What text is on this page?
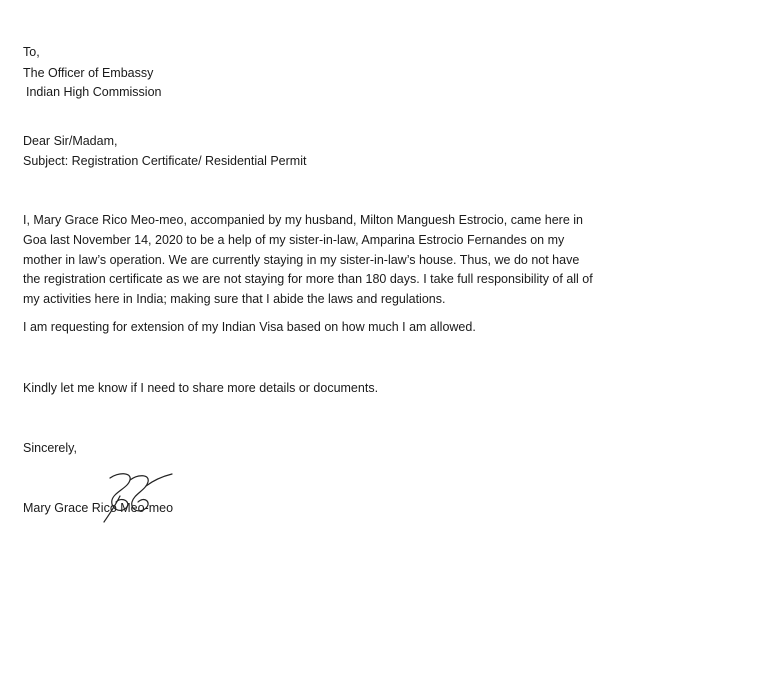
To,
The Officer of Embassy
Indian High Commission
Dear Sir/Madam,
Subject: Registration Certificate/ Residential Permit
I, Mary Grace Rico Meo-meo, accompanied by my husband, Milton Manguesh Estrocio, came here in
Goa last November 14, 2020 to be a help of my sister-in-law, Amparina Estrocio Fernandes on my
mother in law’s operation. We are currently staying in my sister-in-law’s house. Thus, we do not have
the registration certificate as we are not staying for more than 180 days. I take full responsibility of all of
my activities here in India; making sure that I abide the laws and regulations.
I am requesting for extension of my Indian Visa based on how much I am allowed.
Kindly let me know if I need to share more details or documents.
Sincerely,
Mary Grace Rico Meo-meo
